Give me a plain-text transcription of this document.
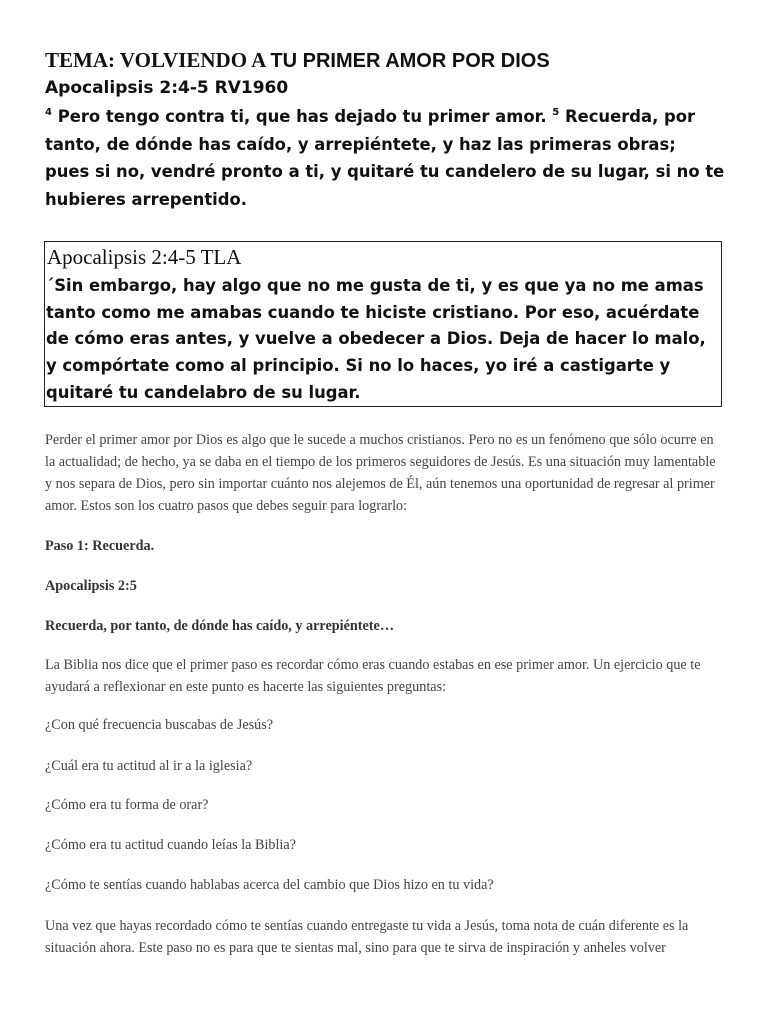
TEMA: VOLVIENDO A TU PRIMER AMOR POR DIOS
Apocalipsis 2:4-5 RV1960
$^4$ Pero tengo contra ti, que has dejado tu primer amor. $^5$ Recuerda, por tanto, de dónde has caído, y arrepiéntete, y haz las primeras obras; pues si no, vendré pronto a ti, y quitaré tu candelero de su lugar, si no te hubieres arrepentido.
Apocalipsis 2:4-5 TLA
´Sin embargo, hay algo que no me gusta de ti, y es que ya no me amas tanto como me amabas cuando te hiciste cristiano. Por eso, acuérdate de cómo eras antes, y vuelve a obedecer a Dios. Deja de hacer lo malo, y compórtate como al principio. Si no lo haces, yo iré a castigarte y quitaré tu candelabro de su lugar.

Perder el primer amor por Dios es algo que le sucede a muchos cristianos. Pero no es un fenómeno que sólo ocurre en la actualidad; de hecho, ya se daba en el tiempo de los primeros seguidores de Jesús. Es una situación muy lamentable y nos separa de Dios, pero sin importar cuánto nos alejemos de Él, aún tenemos una oportunidad de regresar al primer amor. Estos son los cuatro pasos que debes seguir para lograrlo:

Paso 1: Recuerda.

Apocalipsis 2:5

Recuerda, por tanto, de dónde has caído, y arrepiéntete…

La Biblia nos dice que el primer paso es recordar cómo eras cuando estabas en ese primer amor. Un ejercicio que te ayudará a reflexionar en este punto es hacerte las siguientes preguntas:

¿Con qué frecuencia buscabas de Jesús?

¿Cuál era tu actitud al ir a la iglesia?

¿Cómo era tu forma de orar?

¿Cómo era tu actitud cuando leías la Biblia?

¿Cómo te sentías cuando hablabas acerca del cambio que Dios hizo en tu vida?

Una vez que hayas recordado cómo te sentías cuando entregaste tu vida a Jesús, toma nota de cuán diferente es la situación ahora. Este paso no es para que te sientas mal, sino para que te sirva de inspiración y anheles volver
